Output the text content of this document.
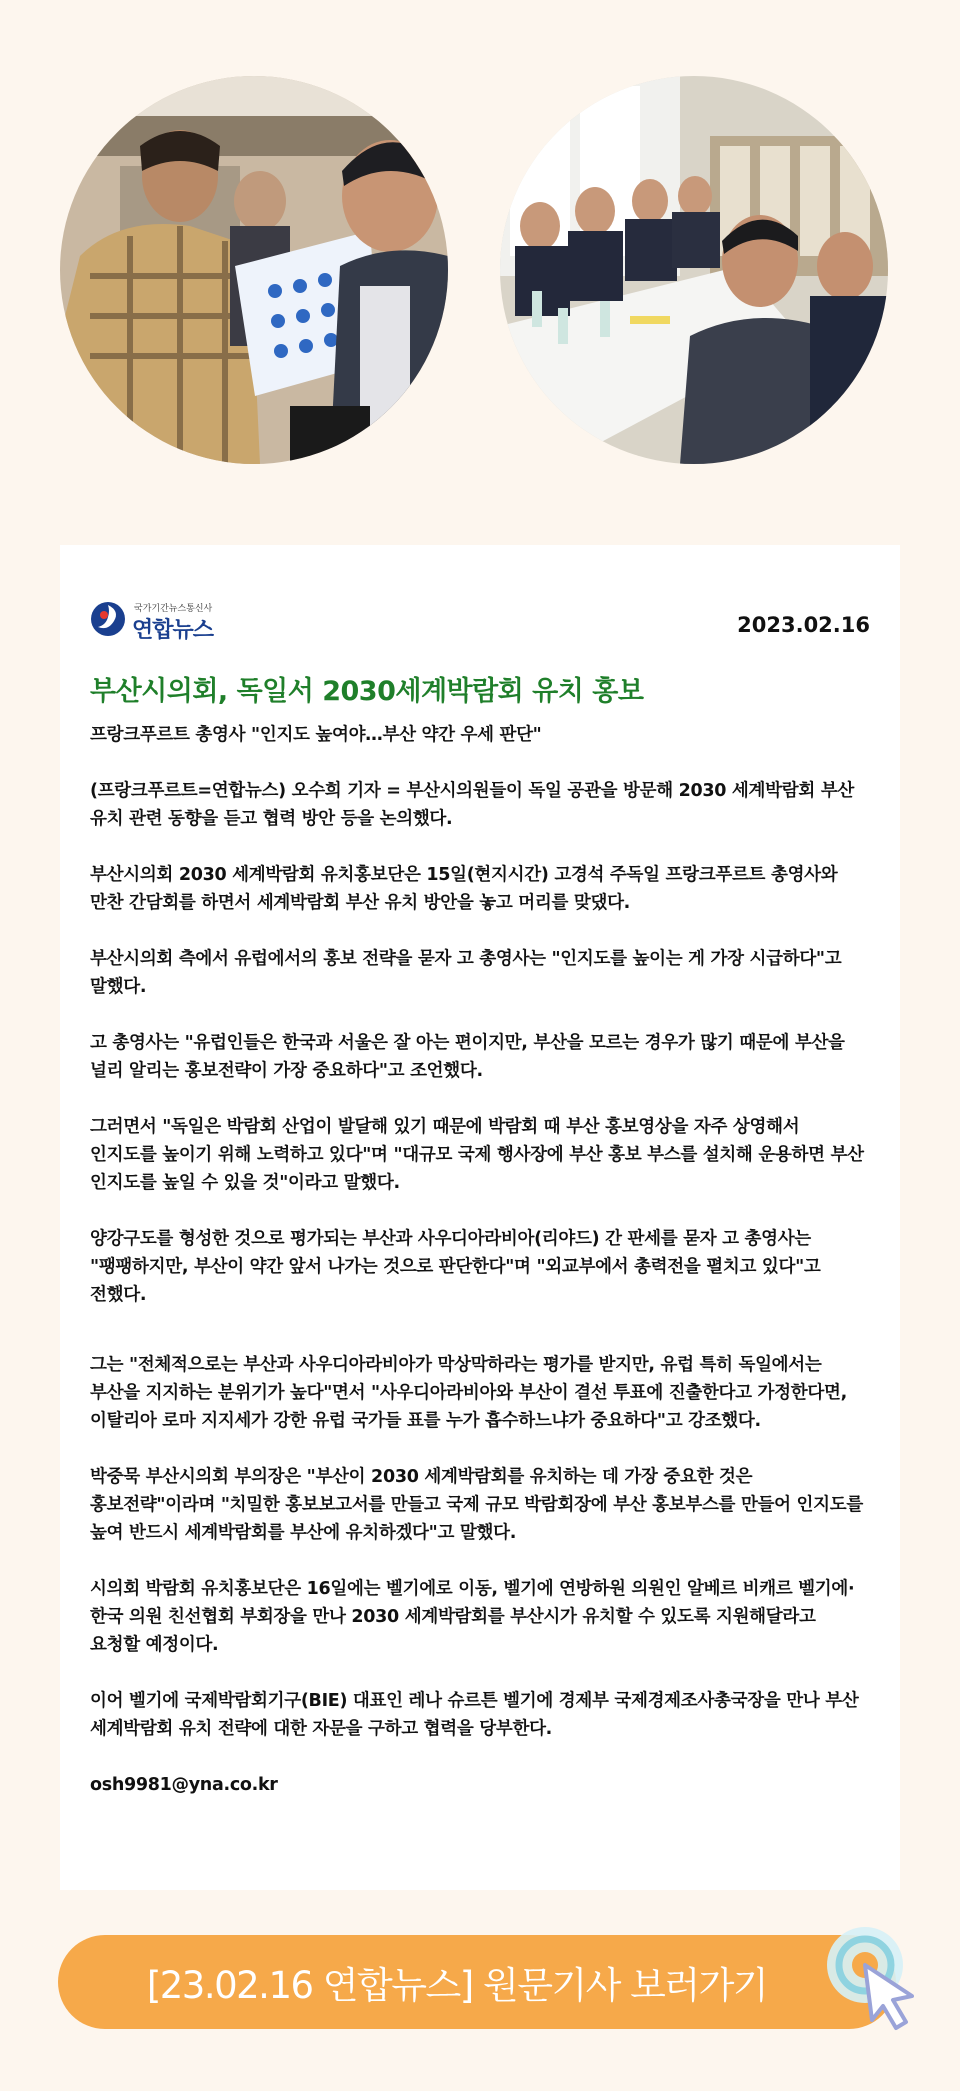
국가기간뉴스통신사
연합뉴스	2023.02.16
부산시의회, 독일서 2030세계박람회 유치 홍보

프랑크푸르트 총영사 "인지도 높여야…부산 약간 우세 판단"

(프랑크푸르트=연합뉴스) 오수희 기자 = 부산시의원들이 독일 공관을 방문해 2030 세계박람회 부산 유치 관련 동향을 듣고 협력 방안 등을 논의했다.

부산시의회 2030 세계박람회 유치홍보단은 15일(현지시간) 고경석 주독일 프랑크푸르트 총영사와 만찬 간담회를 하면서 세계박람회 부산 유치 방안을 놓고 머리를 맞댔다.

부산시의회 측에서 유럽에서의 홍보 전략을 묻자 고 총영사는 "인지도를 높이는 게 가장 시급하다"고 말했다.

고 총영사는 "유럽인들은 한국과 서울은 잘 아는 편이지만, 부산을 모르는 경우가 많기 때문에 부산을 널리 알리는 홍보전략이 가장 중요하다"고 조언했다.

그러면서 "독일은 박람회 산업이 발달해 있기 때문에 박람회 때 부산 홍보영상을 자주 상영해서 인지도를 높이기 위해 노력하고 있다"며 "대규모 국제 행사장에 부산 홍보 부스를 설치해 운용하면 부산 인지도를 높일 수 있을 것"이라고 말했다.

양강구도를 형성한 것으로 평가되는 부산과 사우디아라비아(리야드) 간 판세를 묻자 고 총영사는 "팽팽하지만, 부산이 약간 앞서 나가는 것으로 판단한다"며 "외교부에서 총력전을 펼치고 있다"고 전했다.

그는 "전체적으로는 부산과 사우디아라비아가 막상막하라는 평가를 받지만, 유럽 특히 독일에서는 부산을 지지하는 분위기가 높다"면서 "사우디아라비아와 부산이 결선 투표에 진출한다고 가정한다면, 이탈리아 로마 지지세가 강한 유럽 국가들 표를 누가 흡수하느냐가 중요하다"고 강조했다.

박중묵 부산시의회 부의장은 "부산이 2030 세계박람회를 유치하는 데 가장 중요한 것은 홍보전략"이라며 "치밀한 홍보보고서를 만들고 국제 규모 박람회장에 부산 홍보부스를 만들어 인지도를 높여 반드시 세계박람회를 부산에 유치하겠다"고 말했다.

시의회 박람회 유치홍보단은 16일에는 벨기에로 이동, 벨기에 연방하원 의원인 알베르 비캐르 벨기에·한국 의원 친선협회 부회장을 만나 2030 세계박람회를 부산시가 유치할 수 있도록 지원해달라고 요청할 예정이다.

이어 벨기에 국제박람회기구(BIE) 대표인 레나 슈르튼 벨기에 경제부 국제경제조사총국장을 만나 부산 세계박람회 유치 전략에 대한 자문을 구하고 협력을 당부한다.

osh9981@yna.co.kr

[23.02.16 연합뉴스] 원문기사 보러가기
